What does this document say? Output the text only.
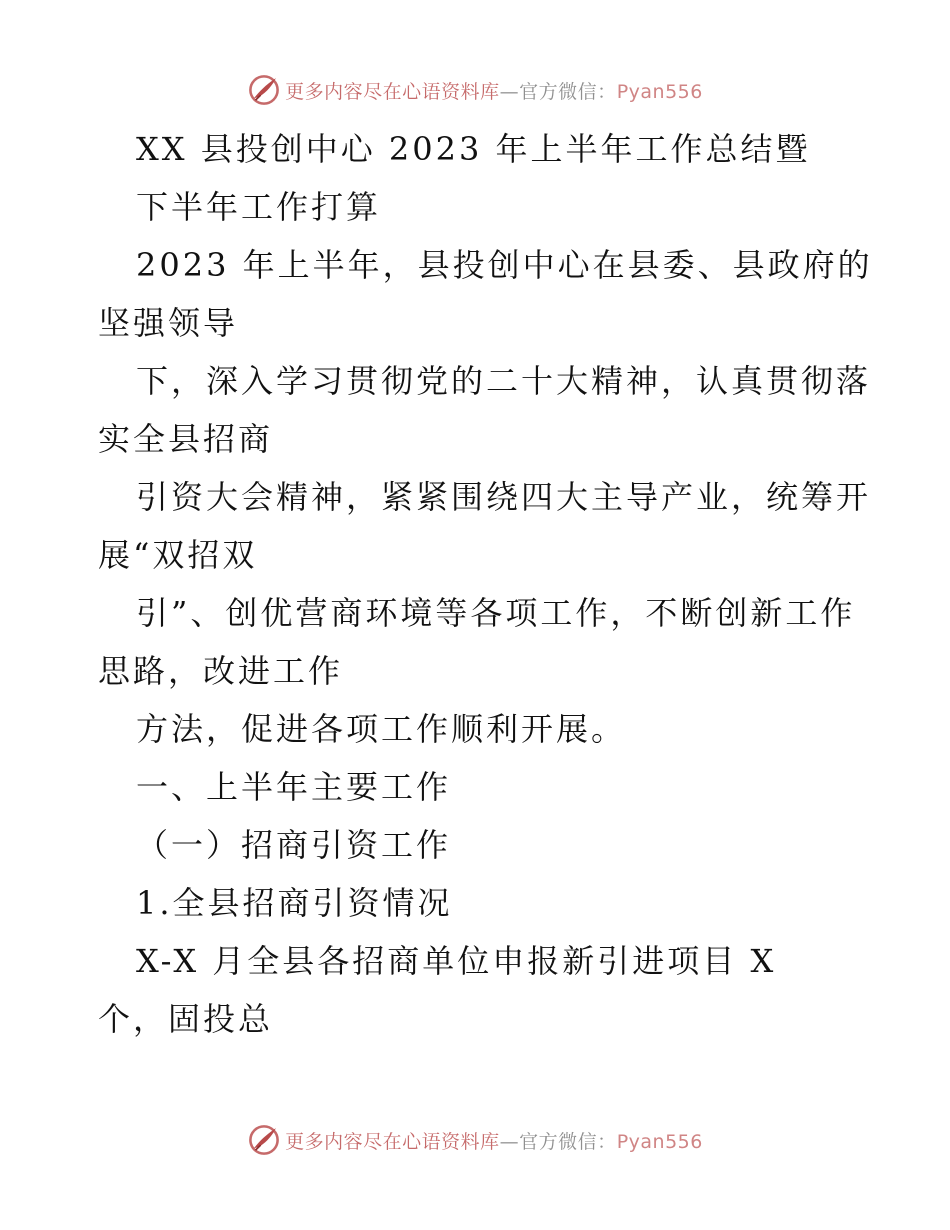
更多内容尽在心语资料库—官方微信：Pyan556
XX 县投创中心 2023 年上半年工作总结暨
下半年工作打算
2023 年上半年，县投创中心在县委、县政府的
坚强领导
下，深入学习贯彻党的二十大精神，认真贯彻落
实全县招商
引资大会精神，紧紧围绕四大主导产业，统筹开
展“双招双
引”、创优营商环境等各项工作，不断创新工作
思路，改进工作
方法，促进各项工作顺利开展。
一、上半年主要工作
（一）招商引资工作
1.全县招商引资情况
X-X 月全县各招商单位申报新引进项目 X
个，固投总
更多内容尽在心语资料库—官方微信：Pyan556
